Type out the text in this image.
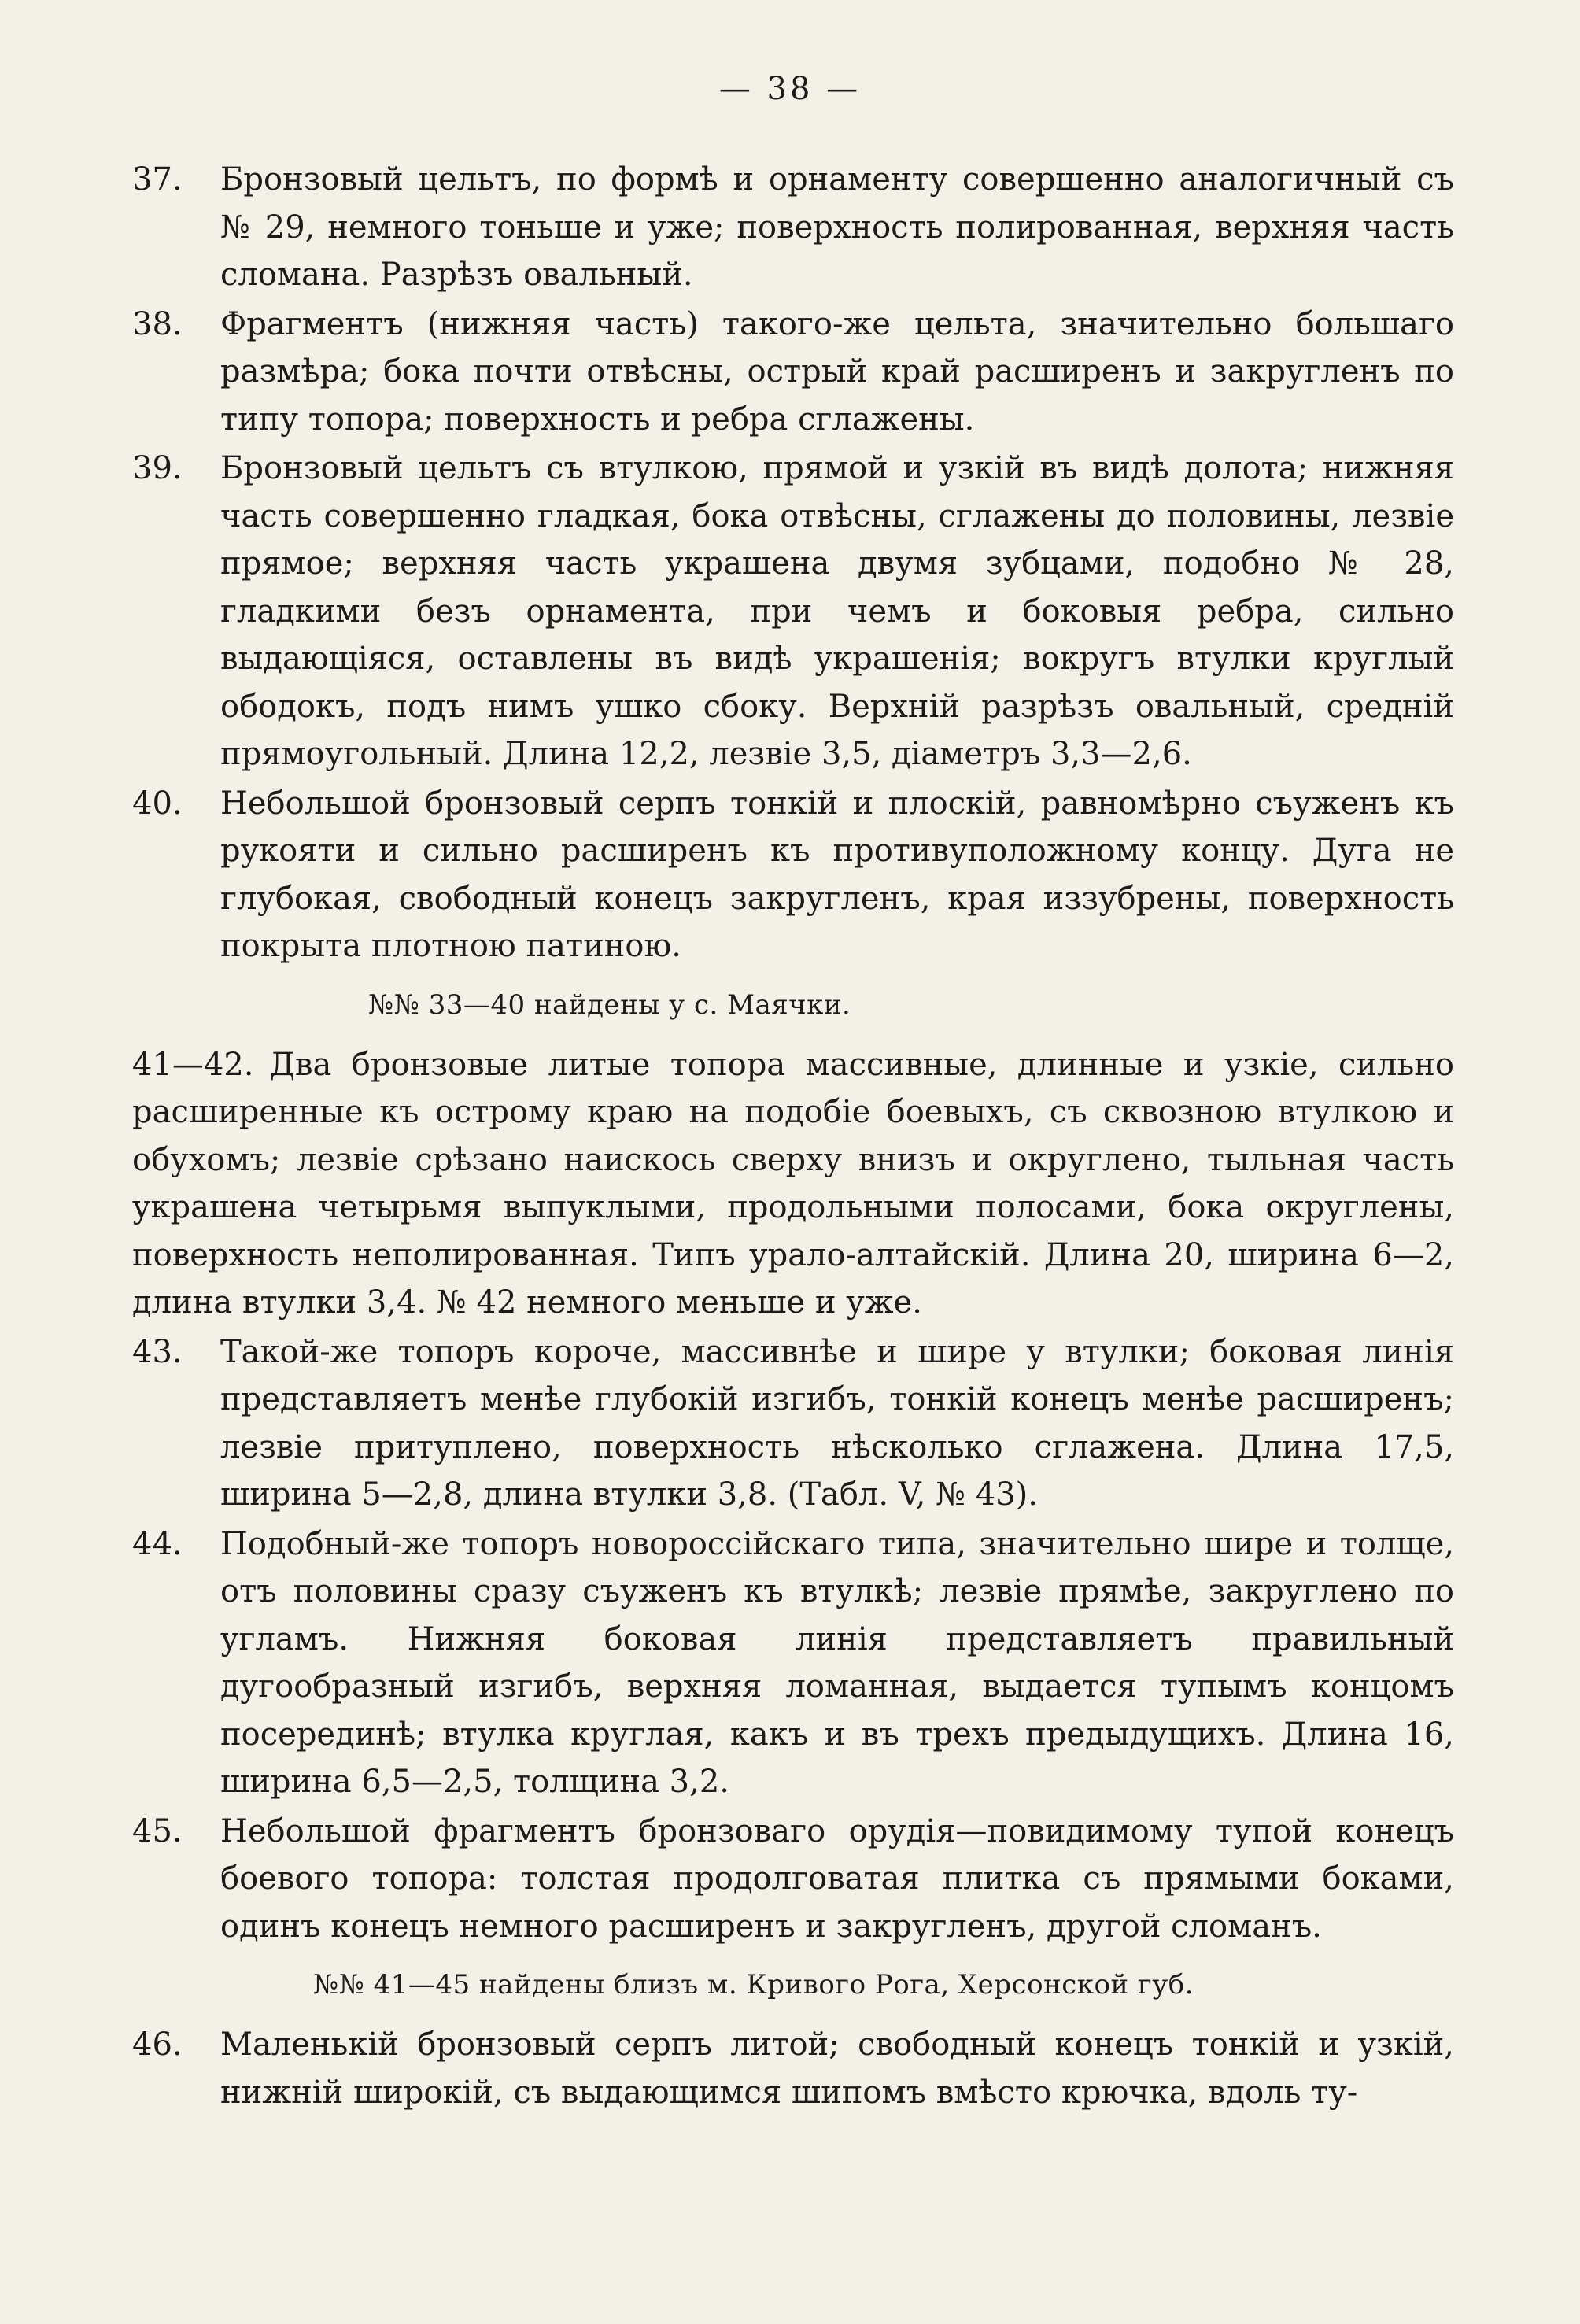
— 38 —
37. Бронзовый цельтъ, по формѣ и орнаменту совершенно аналогичный съ № 29, немного тоньше и уже; поверхность полированная, верхняя часть сломана. Разрѣзъ овальный.
38. Фрагментъ (нижняя часть) такого-же цельта, значительно большаго размѣра; бока почти отвѣсны, острый край расширенъ и закругленъ по типу топора; поверхность и ребра сглажены.
39. Бронзовый цельтъ съ втулкою, прямой и узкій въ видѣ долота; нижняя часть совершенно гладкая, бока отвѣсны, сглажены до половины, лезвіе прямое; верхняя часть украшена двумя зубцами, подобно № 28, гладкими безъ орнамента, при чемъ и боковыя ребра, сильно выдающіяся, оставлены въ видѣ украшенія; вокругъ втулки круглый ободокъ, подъ нимъ ушко сбоку. Верхній разрѣзъ овальный, средній прямоугольный. Длина 12,2, лезвіе 3,5, діаметръ 3,3—2,6.
40. Небольшой бронзовый серпъ тонкій и плоскій, равномѣрно съуженъ къ рукояти и сильно расширенъ къ противуположному концу. Дуга не глубокая, свободный конецъ закругленъ, края иззубрены, поверхность покрыта плотною патиною.
№№ 33—40 найдены у с. Маячки.
41—42. Два бронзовые литые топора массивные, длинные и узкіе, сильно расширенные къ острому краю на подобіе боевыхъ, съ сквозною втулкою и обухомъ; лезвіе срѣзано наискось сверху внизъ и округлено, тыльная часть украшена четырьмя выпуклыми, продольными полосами, бока округлены, поверхность неполированная. Типъ урало-алтайскій. Длина 20, ширина 6—2, длина втулки 3,4. № 42 немного меньше и уже.
43. Такой-же топоръ короче, массивнѣе и шире у втулки; боковая линія представляетъ менѣе глубокій изгибъ, тонкій конецъ менѣе расширенъ; лезвіе притуплено, поверхность нѣсколько сглажена. Длина 17,5, ширина 5—2,8, длина втулки 3,8. (Табл. V, № 43).
44. Подобный-же топоръ новороссійскаго типа, значительно шире и толще, отъ половины сразу съуженъ къ втулкѣ; лезвіе прямѣе, закруглено по угламъ. Нижняя боковая линія представляетъ правильный дугообразный изгибъ, верхняя ломанная, выдается тупымъ концомъ посерединѣ; втулка круглая, какъ и въ трехъ предыдущихъ. Длина 16, ширина 6,5—2,5, толщина 3,2.
45. Небольшой фрагментъ бронзоваго орудія—повидимому тупой конецъ боевого топора: толстая продолговатая плитка съ прямыми боками, одинъ конецъ немного расширенъ и закругленъ, другой сломанъ.
№№ 41—45 найдены близъ м. Кривого Рога, Херсонской губ.
46. Маленькій бронзовый серпъ литой; свободный конецъ тонкій и узкій, нижній широкій, съ выдающимся шипомъ вмѣсто крючка, вдоль ту-
